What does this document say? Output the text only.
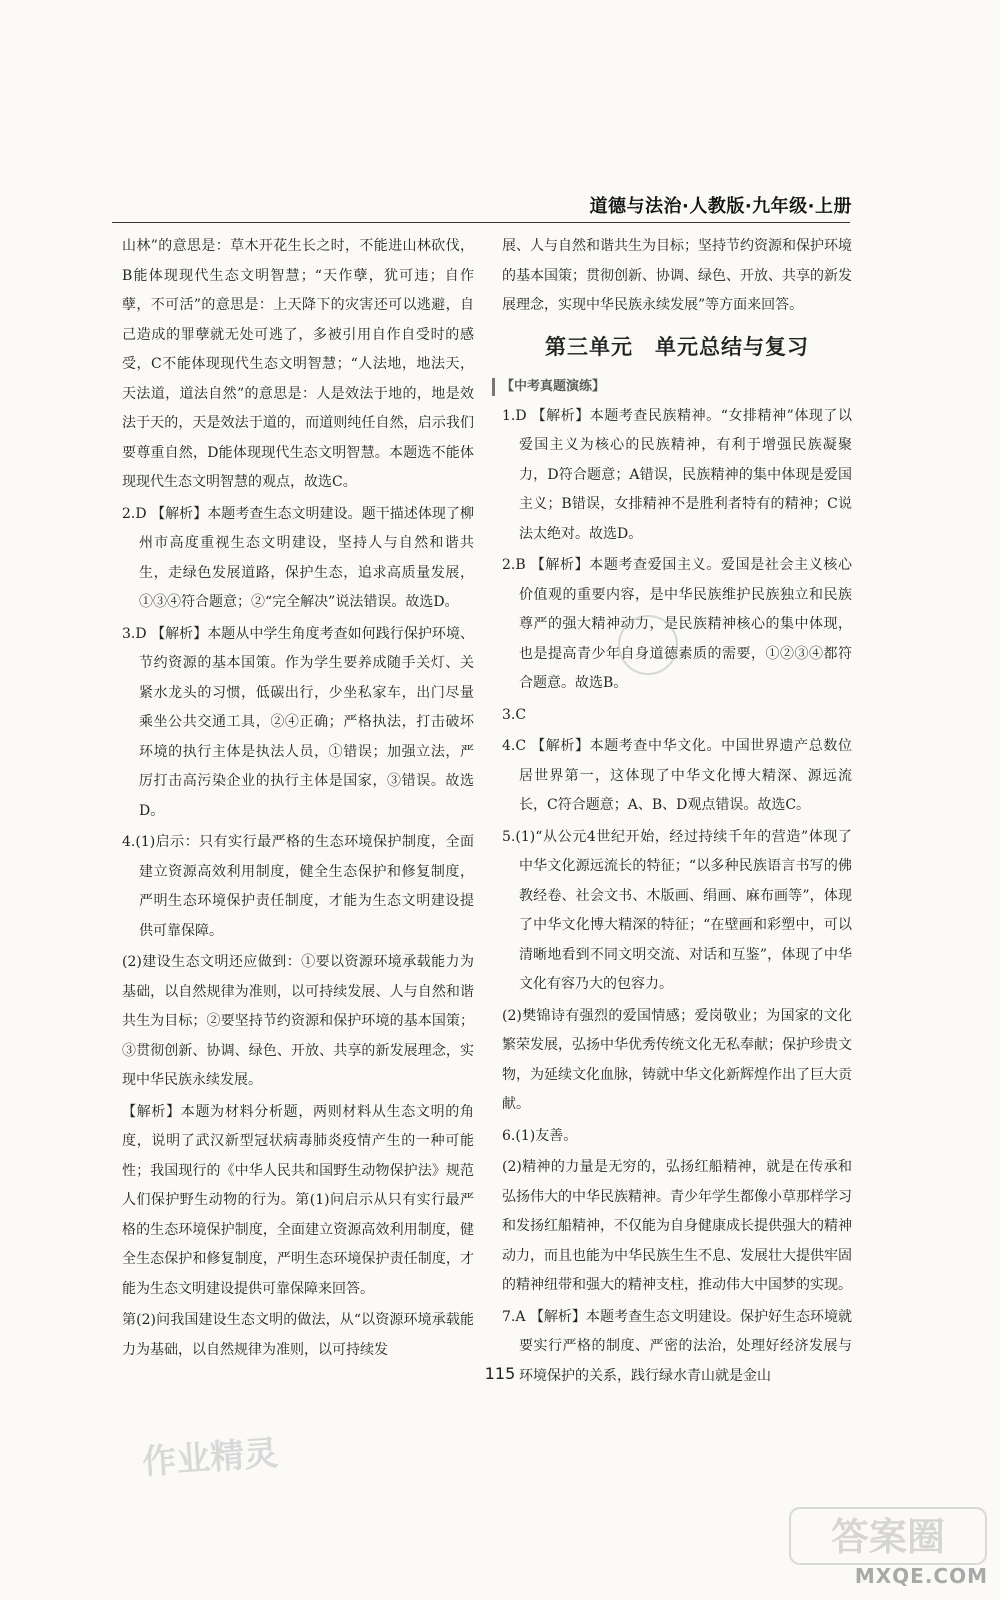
道德与法治·人教版·九年级·上册

山林”的意思是：草木开花生长之时，不能进山林砍伐，B能体现现代生态文明智慧；“天作孽，犹可违；自作孽，不可活”的意思是：上天降下的灾害还可以逃避，自己造成的罪孽就无处可逃了，多被引用自作自受时的感受，C不能体现现代生态文明智慧；“人法地，地法天，天法道，道法自然”的意思是：人是效法于地的，地是效法于天的，天是效法于道的，而道则纯任自然，启示我们要尊重自然，D能体现现代生态文明智慧。本题选不能体现现代生态文明智慧的观点，故选C。

2.D 【解析】本题考查生态文明建设。题干描述体现了柳州市高度重视生态文明建设，坚持人与自然和谐共生，走绿色发展道路，保护生态，追求高质量发展，①③④符合题意；②“完全解决”说法错误。故选D。

3.D 【解析】本题从中学生角度考查如何践行保护环境、节约资源的基本国策。作为学生要养成随手关灯、关紧水龙头的习惯，低碳出行，少坐私家车，出门尽量乘坐公共交通工具，②④正确；严格执法，打击破坏环境的执行主体是执法人员，①错误；加强立法，严厉打击高污染企业的执行主体是国家，③错误。故选D。

4.(1)启示：只有实行最严格的生态环境保护制度，全面建立资源高效利用制度，健全生态保护和修复制度，严明生态环境保护责任制度，才能为生态文明建设提供可靠保障。

(2)建设生态文明还应做到：①要以资源环境承载能力为基础，以自然规律为准则，以可持续发展、人与自然和谐共生为目标；②要坚持节约资源和保护环境的基本国策；③贯彻创新、协调、绿色、开放、共享的新发展理念，实现中华民族永续发展。

【解析】本题为材料分析题，两则材料从生态文明的角度，说明了武汉新型冠状病毒肺炎疫情产生的一种可能性；我国现行的《中华人民共和国野生动物保护法》规范人们保护野生动物的行为。第(1)问启示从只有实行最严格的生态环境保护制度，全面建立资源高效利用制度，健全生态保护和修复制度，严明生态环境保护责任制度，才能为生态文明建设提供可靠保障来回答。

第(2)问我国建设生态文明的做法，从“以资源环境承载能力为基础，以自然规律为准则，以可持续发

展、人与自然和谐共生为目标；坚持节约资源和保护环境的基本国策；贯彻创新、协调、绿色、开放、共享的新发展理念，实现中华民族永续发展”等方面来回答。

第三单元　单元总结与复习
【中考真题演练】

1.D 【解析】本题考查民族精神。“女排精神”体现了以爱国主义为核心的民族精神，有利于增强民族凝聚力，D符合题意；A错误，民族精神的集中体现是爱国主义；B错误，女排精神不是胜利者特有的精神；C说法太绝对。故选D。

2.B 【解析】本题考查爱国主义。爱国是社会主义核心价值观的重要内容，是中华民族维护民族独立和民族尊严的强大精神动力，是民族精神核心的集中体现，也是提高青少年自身道德素质的需要，①②③④都符合题意。故选B。

3.C

4.C 【解析】本题考查中华文化。中国世界遗产总数位居世界第一，这体现了中华文化博大精深、源远流长，C符合题意；A、B、D观点错误。故选C。

5.(1)“从公元4世纪开始，经过持续千年的营造”体现了中华文化源远流长的特征；“以多种民族语言书写的佛教经卷、社会文书、木版画、绢画、麻布画等”，体现了中华文化博大精深的特征；“在壁画和彩塑中，可以清晰地看到不同文明交流、对话和互鉴”，体现了中华文化有容乃大的包容力。

(2)樊锦诗有强烈的爱国情感；爱岗敬业；为国家的文化繁荣发展，弘扬中华优秀传统文化无私奉献；保护珍贵文物，为延续文化血脉，铸就中华文化新辉煌作出了巨大贡献。

6.(1)友善。

(2)精神的力量是无穷的，弘扬红船精神，就是在传承和弘扬伟大的中华民族精神。青少年学生都像小草那样学习和发扬红船精神，不仅能为自身健康成长提供强大的精神动力，而且也能为中华民族生生不息、发展壮大提供牢固的精神纽带和强大的精神支柱，推动伟大中国梦的实现。

7.A 【解析】本题考查生态文明建设。保护好生态环境就要实行严格的制度、严密的法治，处理好经济发展与环境保护的关系，践行绿水青山就是金山

115
作业精灵
答案圈
MXQE.COM
